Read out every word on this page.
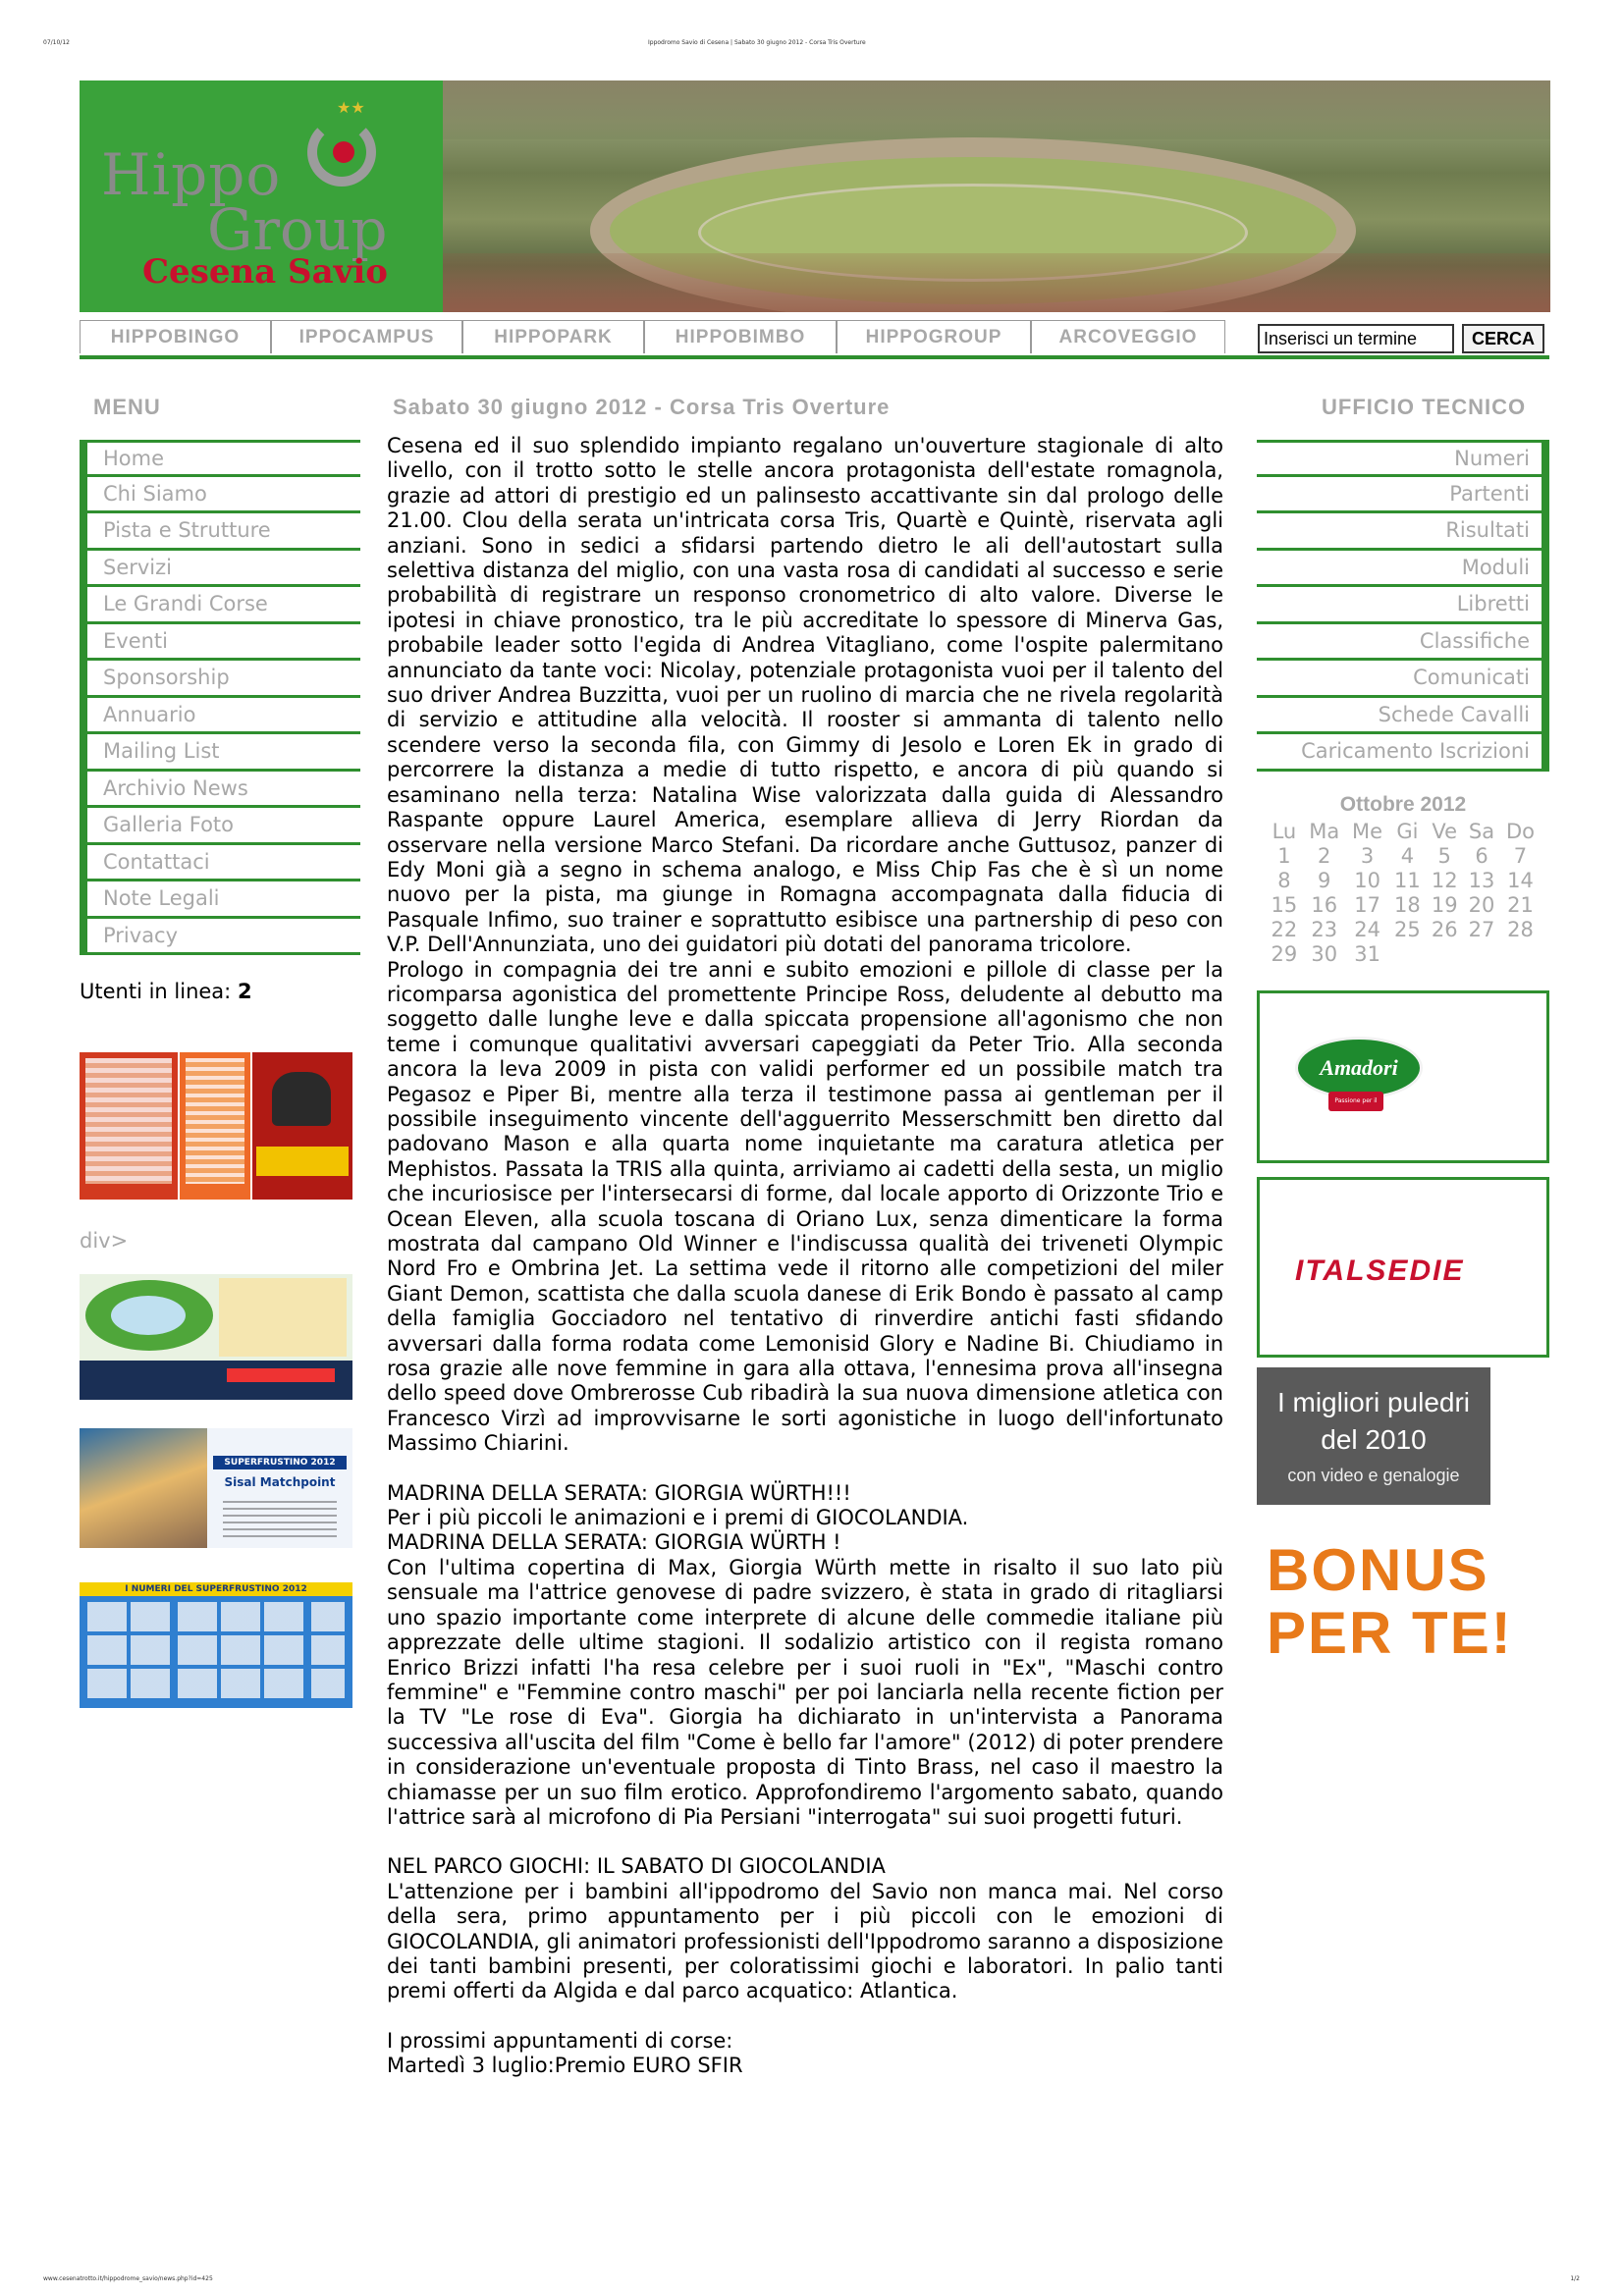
07/10/12	Ippodromo Savio di Cesena | Sabato 30 giugno 2012 - Corsa Tris Overture
★★
Hippo
Group
Cesena Savio
HIPPOBINGO	IPPOCAMPUS	HIPPOPARK	HIPPOBIMBO	HIPPOGROUP	ARCOVEGGIO	Inserisci un termine	CERCA
MENU	Sabato 30 giugno 2012 - Corsa Tris Overture	UFFICIO TECNICO
Home
Chi Siamo
Pista e Strutture
Servizi
Le Grandi Corse
Eventi
Sponsorship
Annuario
Mailing List
Archivio News
Galleria Foto
Contattaci
Note Legali
Privacy
Utenti in linea: 2
div>
SUPERFRUSTINO 2012
Sisal Matchpoint
I NUMERI DEL SUPERFRUSTINO 2012
Numeri
Partenti
Risultati
Moduli
Libretti
Classifiche
Comunicati
Schede Cavalli
Caricamento Iscrizioni
Ottobre 2012
Lu	Ma	Me	Gi	Ve	Sa	Do
1	2	3	4	5	6	7
8	9	10	11	12	13	14
15	16	17	18	19	20	21
22	23	24	25	26	27	28
29	30	31				
Amadori
Passione per il gusto
ITALSEDIE
I migliori puledri
del 2010
con video e genalogie
BONUS
PER TE!

Cesena ed il suo splendido impianto regalano un'ouverture stagionale di alto livello, con il trotto sotto le stelle ancora protagonista dell'estate romagnola, grazie ad attori di prestigio ed un palinsesto accattivante sin dal prologo delle 21.00. Clou della serata un'intricata corsa Tris, Quartè e Quintè, riservata agli anziani. Sono in sedici a sfidarsi partendo dietro le ali dell'autostart sulla selettiva distanza del miglio, con una vasta rosa di candidati al successo e serie probabilità di registrare un responso cronometrico di alto valore. Diverse le ipotesi in chiave pronostico, tra le più accreditate lo spessore di Minerva Gas, probabile leader sotto l'egida di Andrea Vitagliano, come l'ospite palermitano annunciato da tante voci: Nicolay, potenziale protagonista vuoi per il talento del suo driver Andrea Buzzitta, vuoi per un ruolino di marcia che ne rivela regolarità di servizio e attitudine alla velocità. Il rooster si ammanta di talento nello scendere verso la seconda fila, con Gimmy di Jesolo e Loren Ek in grado di percorrere la distanza a medie di tutto rispetto, e ancora di più quando si esaminano nella terza: Natalina Wise valorizzata dalla guida di Alessandro Raspante oppure Laurel America, esemplare allieva di Jerry Riordan da osservare nella versione Marco Stefani. Da ricordare anche Guttusoz, panzer di Edy Moni già a segno in schema analogo, e Miss Chip Fas che è sì un nome nuovo per la pista, ma giunge in Romagna accompagnata dalla fiducia di Pasquale Infimo, suo trainer e soprattutto esibisce una partnership di peso con V.P. Dell'Annunziata, uno dei guidatori più dotati del panorama tricolore.

Prologo in compagnia dei tre anni e subito emozioni e pillole di classe per la ricomparsa agonistica del promettente Principe Ross, deludente al debutto ma soggetto dalle lunghe leve e dalla spiccata propensione all'agonismo che non teme i comunque qualitativi avversari capeggiati da Peter Trio. Alla seconda ancora la leva 2009 in pista con validi performer ed un possibile match tra Pegasoz e Piper Bi, mentre alla terza il testimone passa ai gentleman per il possibile inseguimento vincente dell'agguerrito Messerschmitt ben diretto dal padovano Mason e alla quarta nome inquietante ma caratura atletica per Mephistos. Passata la TRIS alla quinta, arriviamo ai cadetti della sesta, un miglio che incuriosisce per l'intersecarsi di forme, dal locale apporto di Orizzonte Trio e Ocean Eleven, alla scuola toscana di Oriano Lux, senza dimenticare la forma mostrata dal campano Old Winner e l'indiscussa qualità dei triveneti Olympic Nord Fro e Ombrina Jet. La settima vede il ritorno alle competizioni del miler Giant Demon, scattista che dalla scuola danese di Erik Bondo è passato al camp della famiglia Gocciadoro nel tentativo di rinverdire antichi fasti sfidando avversari dalla forma rodata come Lemonisid Glory e Nadine Bi. Chiudiamo in rosa grazie alle nove femmine in gara alla ottava, l'ennesima prova all'insegna dello speed dove Ombrerosse Cub ribadirà la sua nuova dimensione atletica con Francesco Virzì ad improvvisarne le sorti agonistiche in luogo dell'infortunato Massimo Chiarini.

MADRINA DELLA SERATA: GIORGIA WÜRTH!!!

Per i più piccoli le animazioni e i premi di GIOCOLANDIA.

MADRINA DELLA SERATA: GIORGIA WÜRTH !

Con l'ultima copertina di Max, Giorgia Würth mette in risalto il suo lato più sensuale ma l'attrice genovese di padre svizzero, è stata in grado di ritagliarsi uno spazio importante come interprete di alcune delle commedie italiane più apprezzate delle ultime stagioni. Il sodalizio artistico con il regista romano Enrico Brizzi infatti l'ha resa celebre per i suoi ruoli in "Ex", "Maschi contro femmine" e "Femmine contro maschi" per poi lanciarla nella recente fiction per la TV "Le rose di Eva". Giorgia ha dichiarato in un'intervista a Panorama successiva all'uscita del film "Come è bello far l'amore" (2012) di poter prendere in considerazione un'eventuale proposta di Tinto Brass, nel caso il maestro la chiamasse per un suo film erotico. Approfondiremo l'argomento sabato, quando l'attrice sarà al microfono di Pia Persiani "interrogata" sui suoi progetti futuri.

NEL PARCO GIOCHI: IL SABATO DI GIOCOLANDIA

L'attenzione per i bambini all'ippodromo del Savio non manca mai. Nel corso della sera, primo appuntamento per i più piccoli con le emozioni di GIOCOLANDIA, gli animatori professionisti dell'Ippodromo saranno a disposizione dei tanti bambini presenti, per coloratissimi giochi e laboratori. In palio tanti premi offerti da Algida e dal parco acquatico: Atlantica.

I prossimi appuntamenti di corse:

Martedì 3 luglio:Premio EURO SFIR

www.cesenatrotto.it/hippodrome_savio/news.php?id=425	1/2
